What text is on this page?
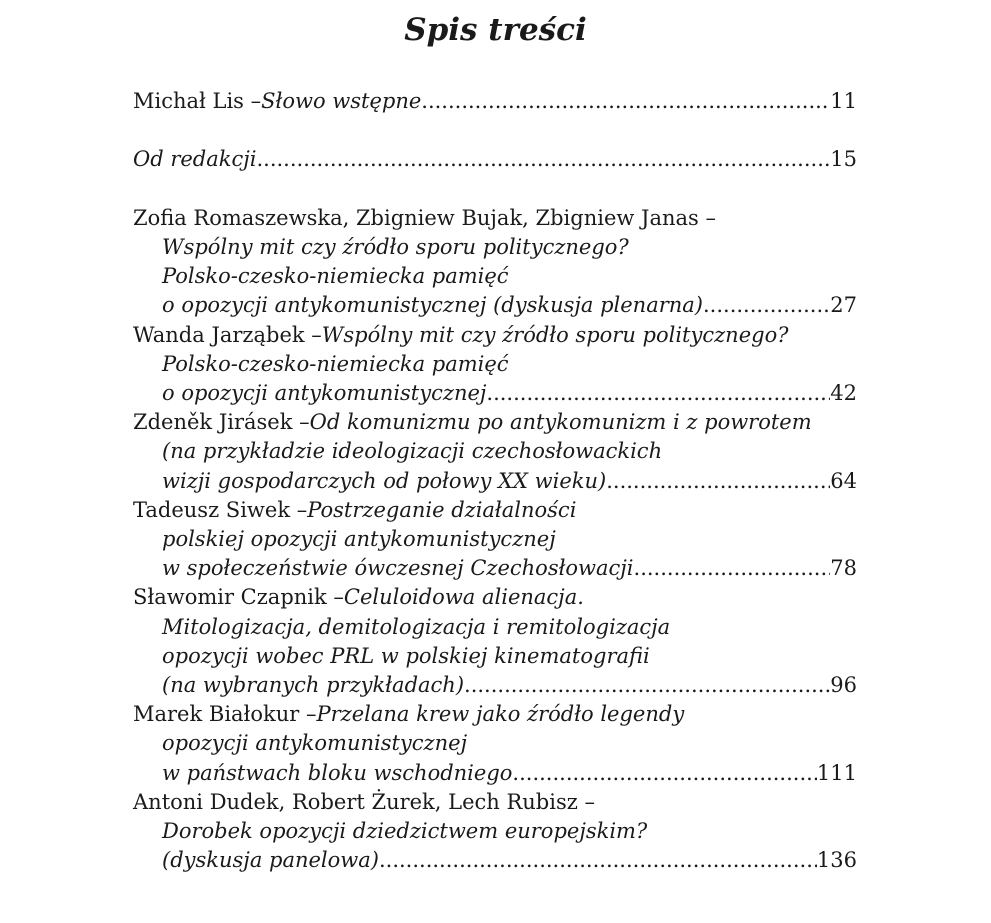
Spis treści
Michał Lis – Słowo wstępne .....	11
Od redakcji .....	15
Zofia Romaszewska, Zbigniew Bujak, Zbigniew Janas –
Wspólny mit czy źródło sporu politycznego?
Polsko-czesko-niemiecka pamięć
o opozycji antykomunistycznej (dyskusja plenarna) .....	27
Wanda Jarząbek – Wspólny mit czy źródło sporu politycznego?
Polsko-czesko-niemiecka pamięć
o opozycji antykomunistycznej .....	42
Zdeněk Jirásek – Od komunizmu po antykomunizm i z powrotem
(na przykładzie ideologizacji czechosłowackich
wizji gospodarczych od połowy XX wieku) .....	64
Tadeusz Siwek – Postrzeganie działalności
polskiej opozycji antykomunistycznej
w społeczeństwie ówczesnej Czechosłowacji .....	78
Sławomir Czapnik – Celuloidowa alienacja.
Mitologizacja, demitologizacja i remitologizacja
opozycji wobec PRL w polskiej kinematografii
(na wybranych przykładach) .....	96
Marek Białokur – Przelana krew jako źródło legendy
opozycji antykomunistycznej
w państwach bloku wschodniego .....	111
Antoni Dudek, Robert Żurek, Lech Rubisz –
Dorobek opozycji dziedzictwem europejskim?
(dyskusja panelowa) .....	136
